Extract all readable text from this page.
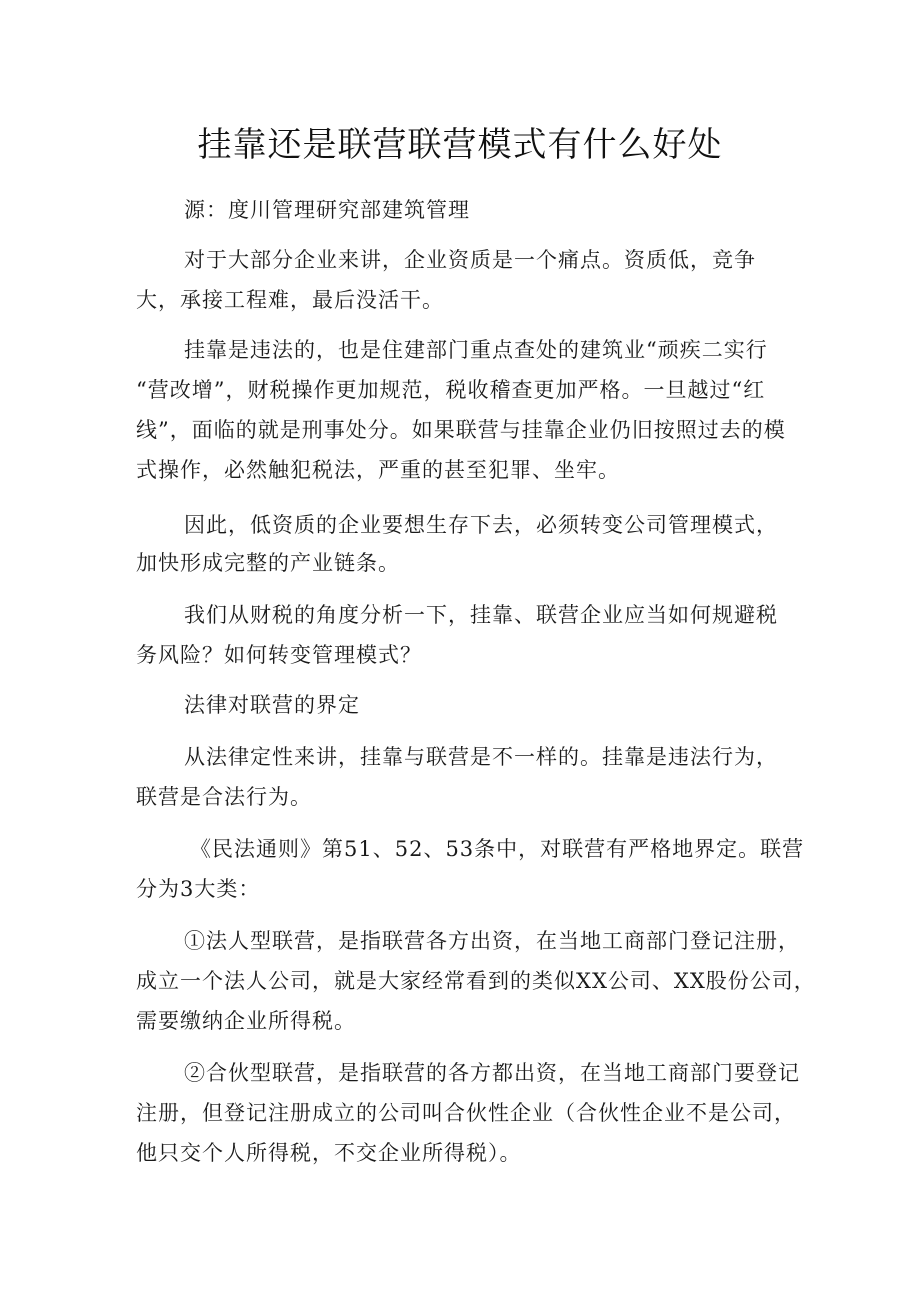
挂靠还是联营联营模式有什么好处

源：度川管理研究部建筑管理

对于大部分企业来讲，企业资质是一个痛点。资质低，竞争

大，承接工程难，最后没活干。

挂靠是违法的，也是住建部门重点查处的建筑业“顽疾二实行

“营改增”，财税操作更加规范，税收稽查更加严格。一旦越过“红

线”，面临的就是刑事处分。如果联营与挂靠企业仍旧按照过去的模

式操作，必然触犯税法，严重的甚至犯罪、坐牢。

因此，低资质的企业要想生存下去，必须转变公司管理模式，

加快形成完整的产业链条。

我们从财税的角度分析一下，挂靠、联营企业应当如何规避税

务风险？如何转变管理模式？

法律对联营的界定

从法律定性来讲，挂靠与联营是不一样的。挂靠是违法行为，

联营是合法行为。

《民法通则》第51、52、53条中，对联营有严格地界定。联营

分为3大类：

①法人型联营，是指联营各方出资，在当地工商部门登记注册，

成立一个法人公司，就是大家经常看到的类似XX公司、XX股份公司，

需要缴纳企业所得税。

②合伙型联营，是指联营的各方都出资，在当地工商部门要登记

注册，但登记注册成立的公司叫合伙性企业（合伙性企业不是公司，

他只交个人所得税，不交企业所得税）。
